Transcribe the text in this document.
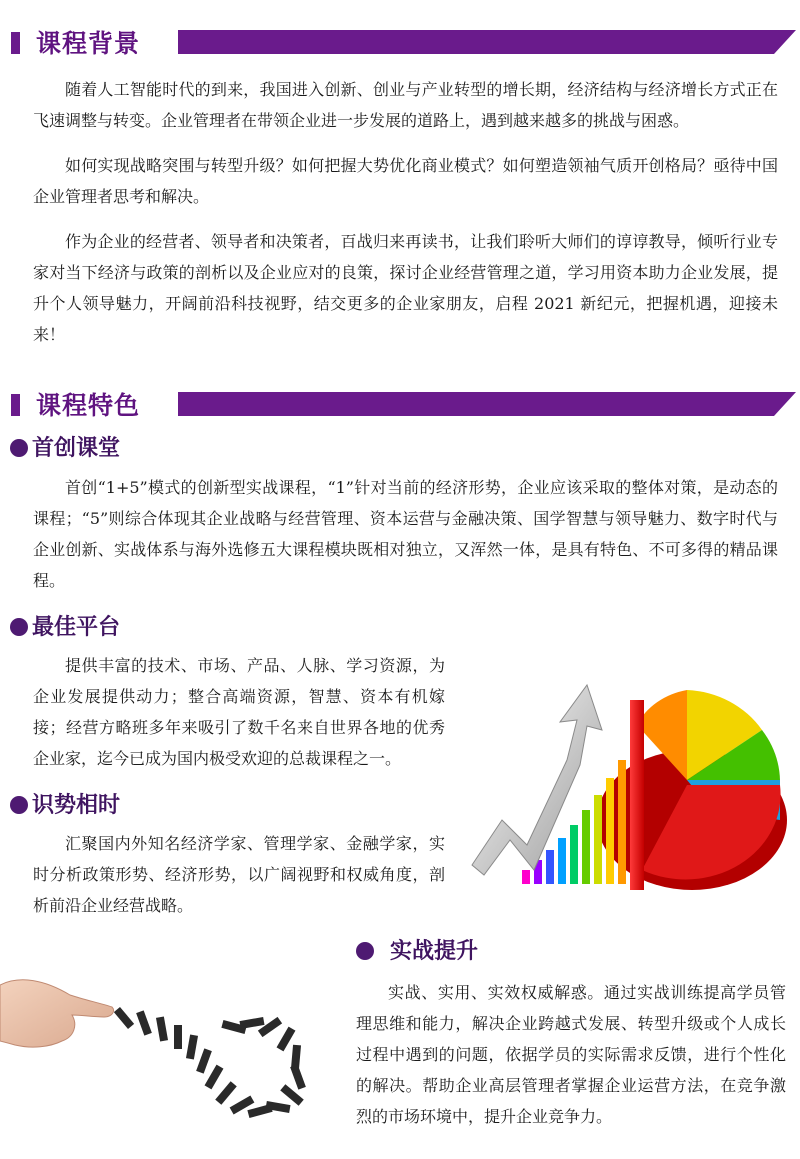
课程背景

随着人工智能时代的到来，我国进入创新、创业与产业转型的增长期，经济结构与经济增长方式正在飞速调整与转变。企业管理者在带领企业进一步发展的道路上，遇到越来越多的挑战与困惑。

如何实现战略突围与转型升级？如何把握大势优化商业模式？如何塑造领袖气质开创格局？亟待中国企业管理者思考和解决。

作为企业的经营者、领导者和决策者，百战归来再读书，让我们聆听大师们的谆谆教导，倾听行业专家对当下经济与政策的剖析以及企业应对的良策，探讨企业经营管理之道，学习用资本助力企业发展，提升个人领导魅力，开阔前沿科技视野，结交更多的企业家朋友，启程 2021 新纪元，把握机遇，迎接未来！

课程特色
首创课堂

首创“1+5”模式的创新型实战课程，“1”针对当前的经济形势，企业应该采取的整体对策，是动态的课程；“5”则综合体现其企业战略与经营管理、资本运营与金融决策、国学智慧与领导魅力、数字时代与企业创新、实战体系与海外选修五大课程模块既相对独立，又浑然一体，是具有特色、不可多得的精品课程。

最佳平台

提供丰富的技术、市场、产品、人脉、学习资源，为企业发展提供动力；整合高端资源，智慧、资本有机嫁接；经营方略班多年来吸引了数千名来自世界各地的优秀企业家，迄今已成为国内极受欢迎的总裁课程之一。

识势相时

汇聚国内外知名经济学家、管理学家、金融学家，实时分析政策形势、经济形势，以广阔视野和权威角度，剖析前沿企业经营战略。

实战提升

实战、实用、实效权威解惑。通过实战训练提高学员管理思维和能力，解决企业跨越式发展、转型升级或个人成长过程中遇到的问题，依据学员的实际需求反馈，进行个性化的解决。帮助企业高层管理者掌握企业运营方法，在竞争激烈的市场环境中，提升企业竞争力。
